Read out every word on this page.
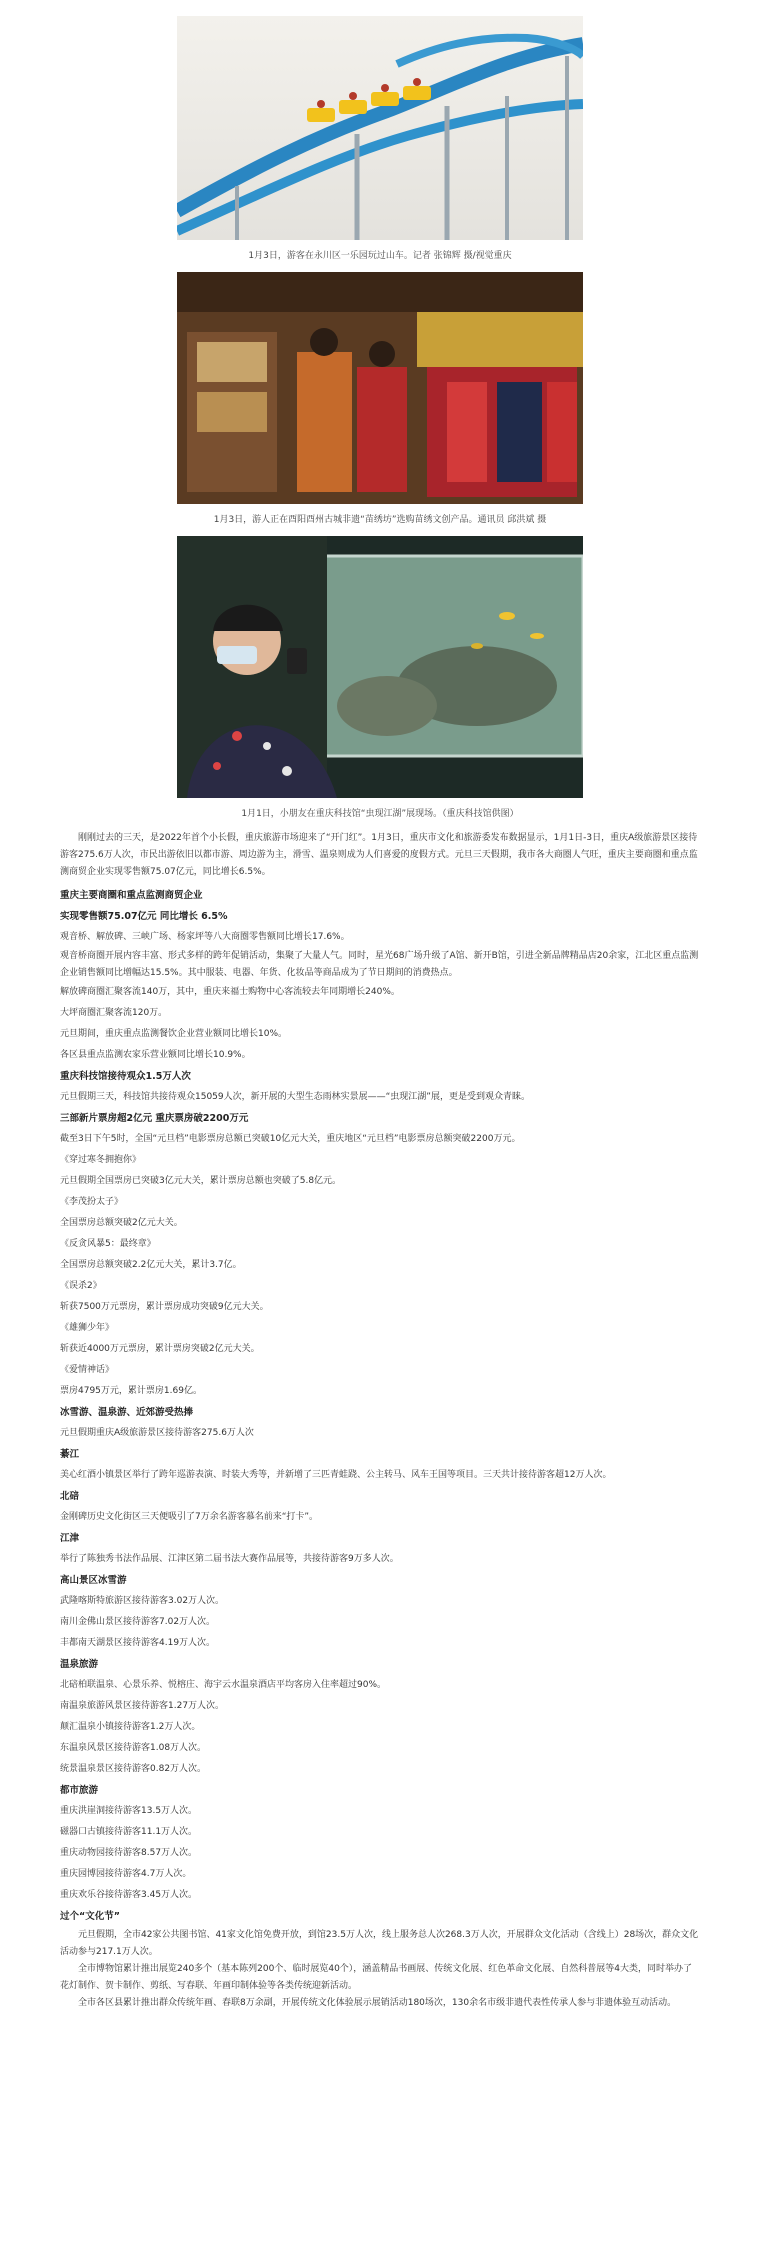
1月3日，游客在永川区一乐园玩过山车。记者 张锦辉 摄/视觉重庆

1月3日，游人正在酉阳酉州古城非遗“苗绣坊”选购苗绣文创产品。通讯员 邱洪斌 摄

1月1日，小朋友在重庆科技馆“虫现江湖”展现场。（重庆科技馆供图）

刚刚过去的三天，是2022年首个小长假，重庆旅游市场迎来了“开门红”。1月3日，重庆市文化和旅游委发布数据显示，1月1日-3日，重庆A级旅游景区接待游客275.6万人次，市民出游依旧以都市游、周边游为主，滑雪、温泉则成为人们喜爱的度假方式。元旦三天假期，我市各大商圈人气旺，重庆主要商圈和重点监测商贸企业实现零售额75.07亿元，同比增长6.5%。

重庆主要商圈和重点监测商贸企业

实现零售额75.07亿元 同比增长 6.5%

观音桥、解放碑、三峡广场、杨家坪等八大商圈零售额同比增长17.6%。

观音桥商圈开展内容丰富、形式多样的跨年促销活动，集聚了大量人气。同时，星光68广场升级了A馆、新开B馆，引进全新品牌精品店20余家，江北区重点监测企业销售额同比增幅达15.5%。其中服装、电器、年货、化妆品等商品成为了节日期间的消费热点。

解放碑商圈汇聚客流140万，其中，重庆来福士购物中心客流较去年同期增长240%。

大坪商圈汇聚客流120万。

元旦期间，重庆重点监测餐饮企业营业额同比增长10%。

各区县重点监测农家乐营业额同比增长10.9%。

重庆科技馆接待观众1.5万人次

元旦假期三天，科技馆共接待观众15059人次，新开展的大型生态雨林实景展——“虫现江湖”展，更是受到观众青睐。

三部新片票房超2亿元 重庆票房破2200万元

截至3日下午5时，全国“元旦档”电影票房总额已突破10亿元大关，重庆地区“元旦档”电影票房总额突破2200万元。

《穿过寒冬拥抱你》

元旦假期全国票房已突破3亿元大关，累计票房总额也突破了5.8亿元。

《李茂扮太子》

全国票房总额突破2亿元大关。

《反贪风暴5：最终章》

全国票房总额突破2.2亿元大关，累计3.7亿。

《误杀2》

斩获7500万元票房，累计票房成功突破9亿元大关。

《雄狮少年》

斩获近4000万元票房，累计票房突破2亿元大关。

《爱情神话》

票房4795万元，累计票房1.69亿。

冰雪游、温泉游、近郊游受热捧

元旦假期重庆A级旅游景区接待游客275.6万人次

綦江

美心红酒小镇景区举行了跨年巡游表演、时装大秀等，并新增了三匹青蛙跷、公主转马、风车王国等项目。三天共计接待游客超12万人次。

北碚

金刚碑历史文化街区三天便吸引了7万余名游客慕名前来“打卡”。

江津

举行了陈独秀书法作品展、江津区第二届书法大赛作品展等，共接待游客9万多人次。

高山景区冰雪游

武隆喀斯特旅游区接待游客3.02万人次。

南川金佛山景区接待游客7.02万人次。

丰都南天湖景区接待游客4.19万人次。

温泉旅游

北碚柏联温泉、心景乐养、悦榕庄、海宇云水温泉酒店平均客房入住率超过90%。

南温泉旅游风景区接待游客1.27万人次。

颠汇温泉小镇接待游客1.2万人次。

东温泉风景区接待游客1.08万人次。

统景温泉景区接待游客0.82万人次。

都市旅游

重庆洪崖洞接待游客13.5万人次。

磁器口古镇接待游客11.1万人次。

重庆动物园接待游客8.57万人次。

重庆园博园接待游客4.7万人次。

重庆欢乐谷接待游客3.45万人次。

过个“文化节”

元旦假期，全市42家公共图书馆、41家文化馆免费开放，到馆23.5万人次，线上服务总人次268.3万人次，开展群众文化活动（含线上）28场次，群众文化活动参与217.1万人次。

全市博物馆累计推出展览240多个（基本陈列200个、临时展览40个），涵盖精品书画展、传统文化展、红色革命文化展、自然科普展等4大类，同时举办了花灯制作、贺卡制作、剪纸、写春联、年画印制体验等各类传统迎新活动。

全市各区县累计推出群众传统年画、春联8万余副，开展传统文化体验展示展销活动180场次，130余名市级非遗代表性传承人参与非遗体验互动活动。
